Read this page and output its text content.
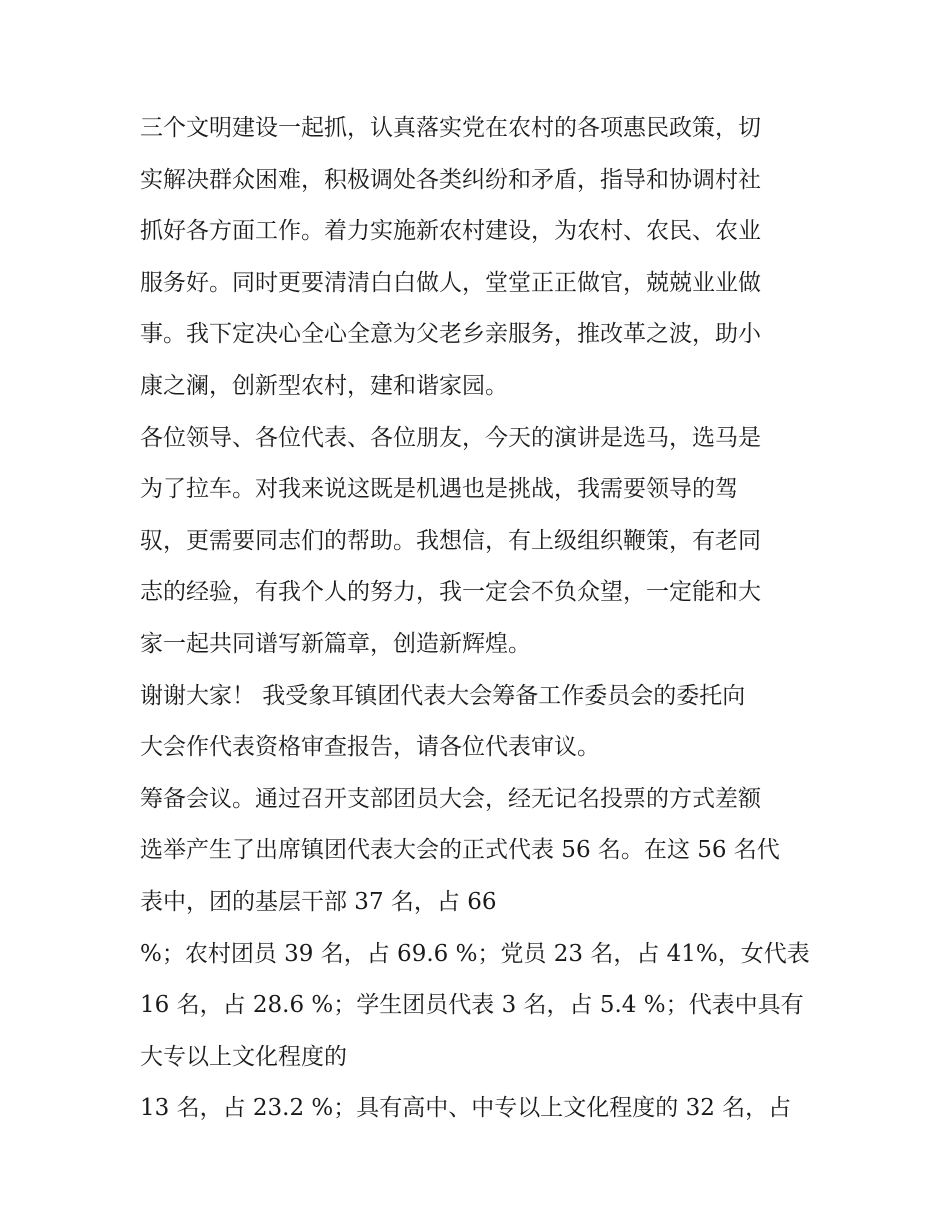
三个文明建设一起抓，认真落实党在农村的各项惠民政策，切
实解决群众困难，积极调处各类纠纷和矛盾，指导和协调村社
抓好各方面工作。着力实施新农村建设，为农村、农民、农业
服务好。同时更要清清白白做人，堂堂正正做官，兢兢业业做
事。我下定决心全心全意为父老乡亲服务，推改革之波，助小
康之澜，创新型农村，建和谐家园。
各位领导、各位代表、各位朋友，今天的演讲是选马，选马是
为了拉车。对我来说这既是机遇也是挑战，我需要领导的驾
驭，更需要同志们的帮助。我想信，有上级组织鞭策，有老同
志的经验，有我个人的努力，我一定会不负众望，一定能和大
家一起共同谱写新篇章，创造新辉煌。
谢谢大家！ 我受象耳镇团代表大会筹备工作委员会的委托向
大会作代表资格审查报告，请各位代表审议。
筹备会议。通过召开支部团员大会，经无记名投票的方式差额
选举产生了出席镇团代表大会的正式代表 56 名。在这 56 名代
表中，团的基层干部 37 名，占 66
%；农村团员 39 名，占 69.6 %；党员 23 名，占 41%，女代表
16 名，占 28.6 %；学生团员代表 3 名，占 5.4 %；代表中具有
大专以上文化程度的
13 名，占 23.2 %；具有高中、中专以上文化程度的 32 名，占
